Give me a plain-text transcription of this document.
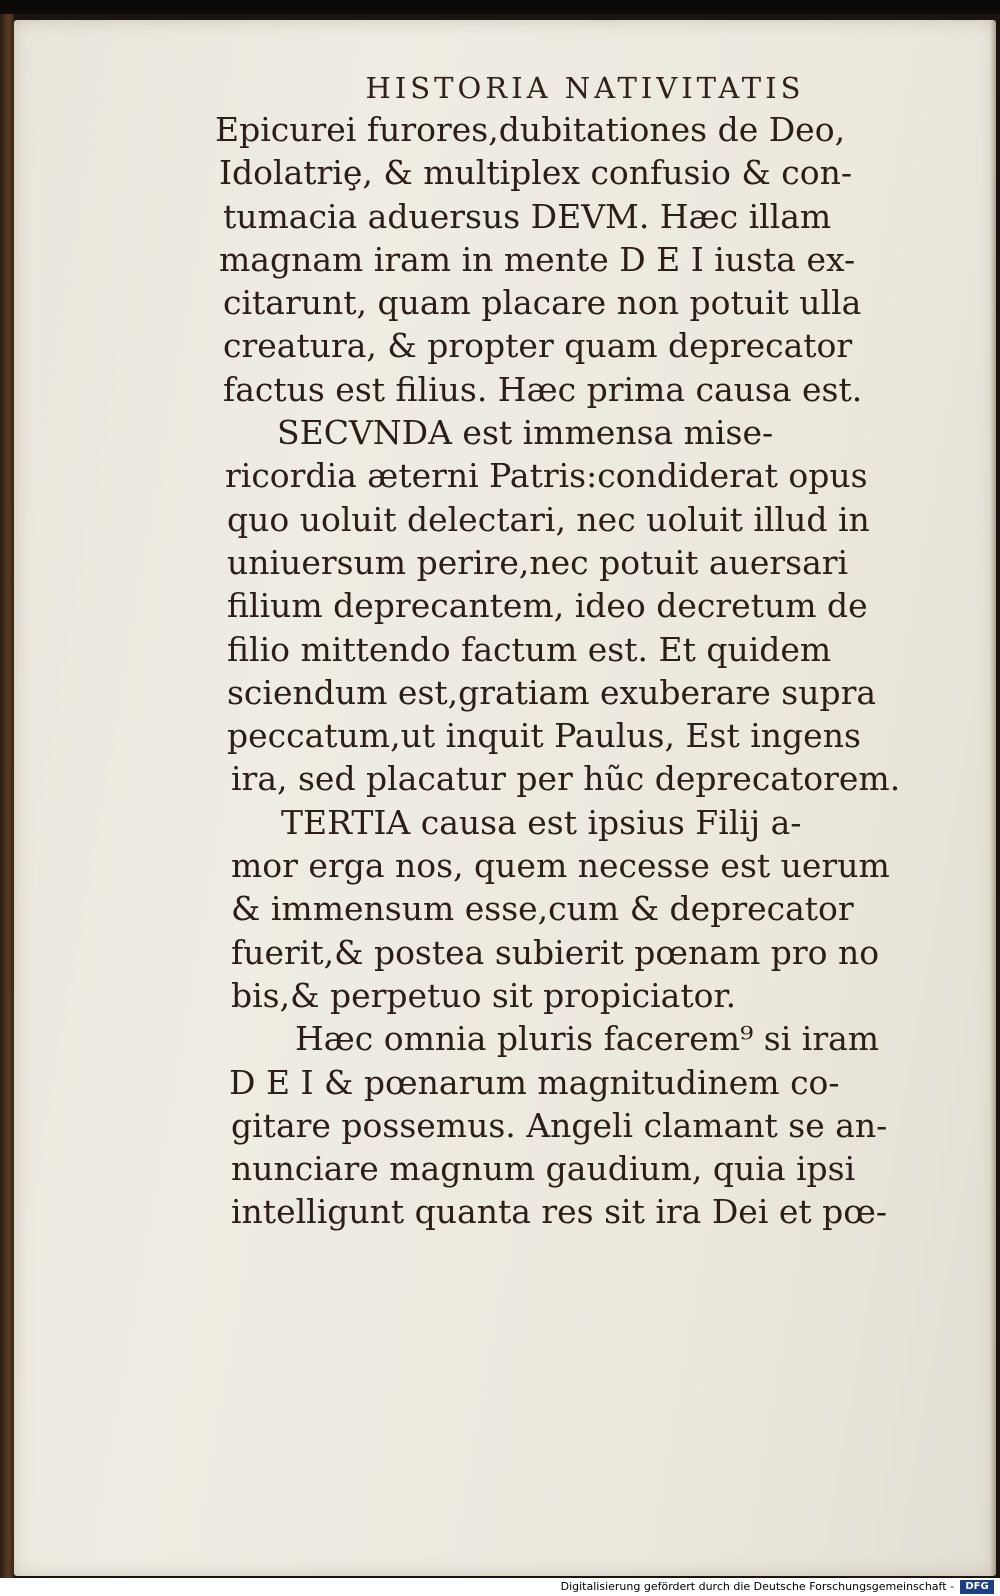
HISTORIA NATIVITATIS
Epicurei furores,dubitationes de Deo,
Idolatriȩ, & multiplex confusio & con-
tumacia aduersus DEVM. Hæc illam
magnam iram in mente D E I iusta ex-
citarunt, quam placare non potuit ulla
creatura, & propter quam deprecator
factus est filius. Hæc prima causa est.
SECVNDA est immensa mise-
ricordia æterni Patris:condiderat opus
quo uoluit delectari, nec uoluit illud in
uniuersum perire,nec potuit auersari
filium deprecantem, ideo decretum de
filio mittendo factum est. Et quidem
sciendum est,gratiam exuberare supra
peccatum,ut inquit Paulus, Est ingens
ira, sed placatur per hũc deprecatorem.
TERTIA causa est ipsius Filij a-
mor erga nos, quem necesse est uerum
& immensum esse,cum & deprecator
fuerit,& postea subierit pœnam pro no
bis,& perpetuo sit propiciator.
Hæc omnia pluris facerem⁹ si iram
D E I & pœnarum magnitudinem co-
gitare possemus. Angeli clamant se an-
nunciare magnum gaudium, quia ipsi
intelligunt quanta res sit ira Dei et pœ-
Digitalisierung gefördert durch die Deutsche Forschungsgemeinschaft -	DFG
